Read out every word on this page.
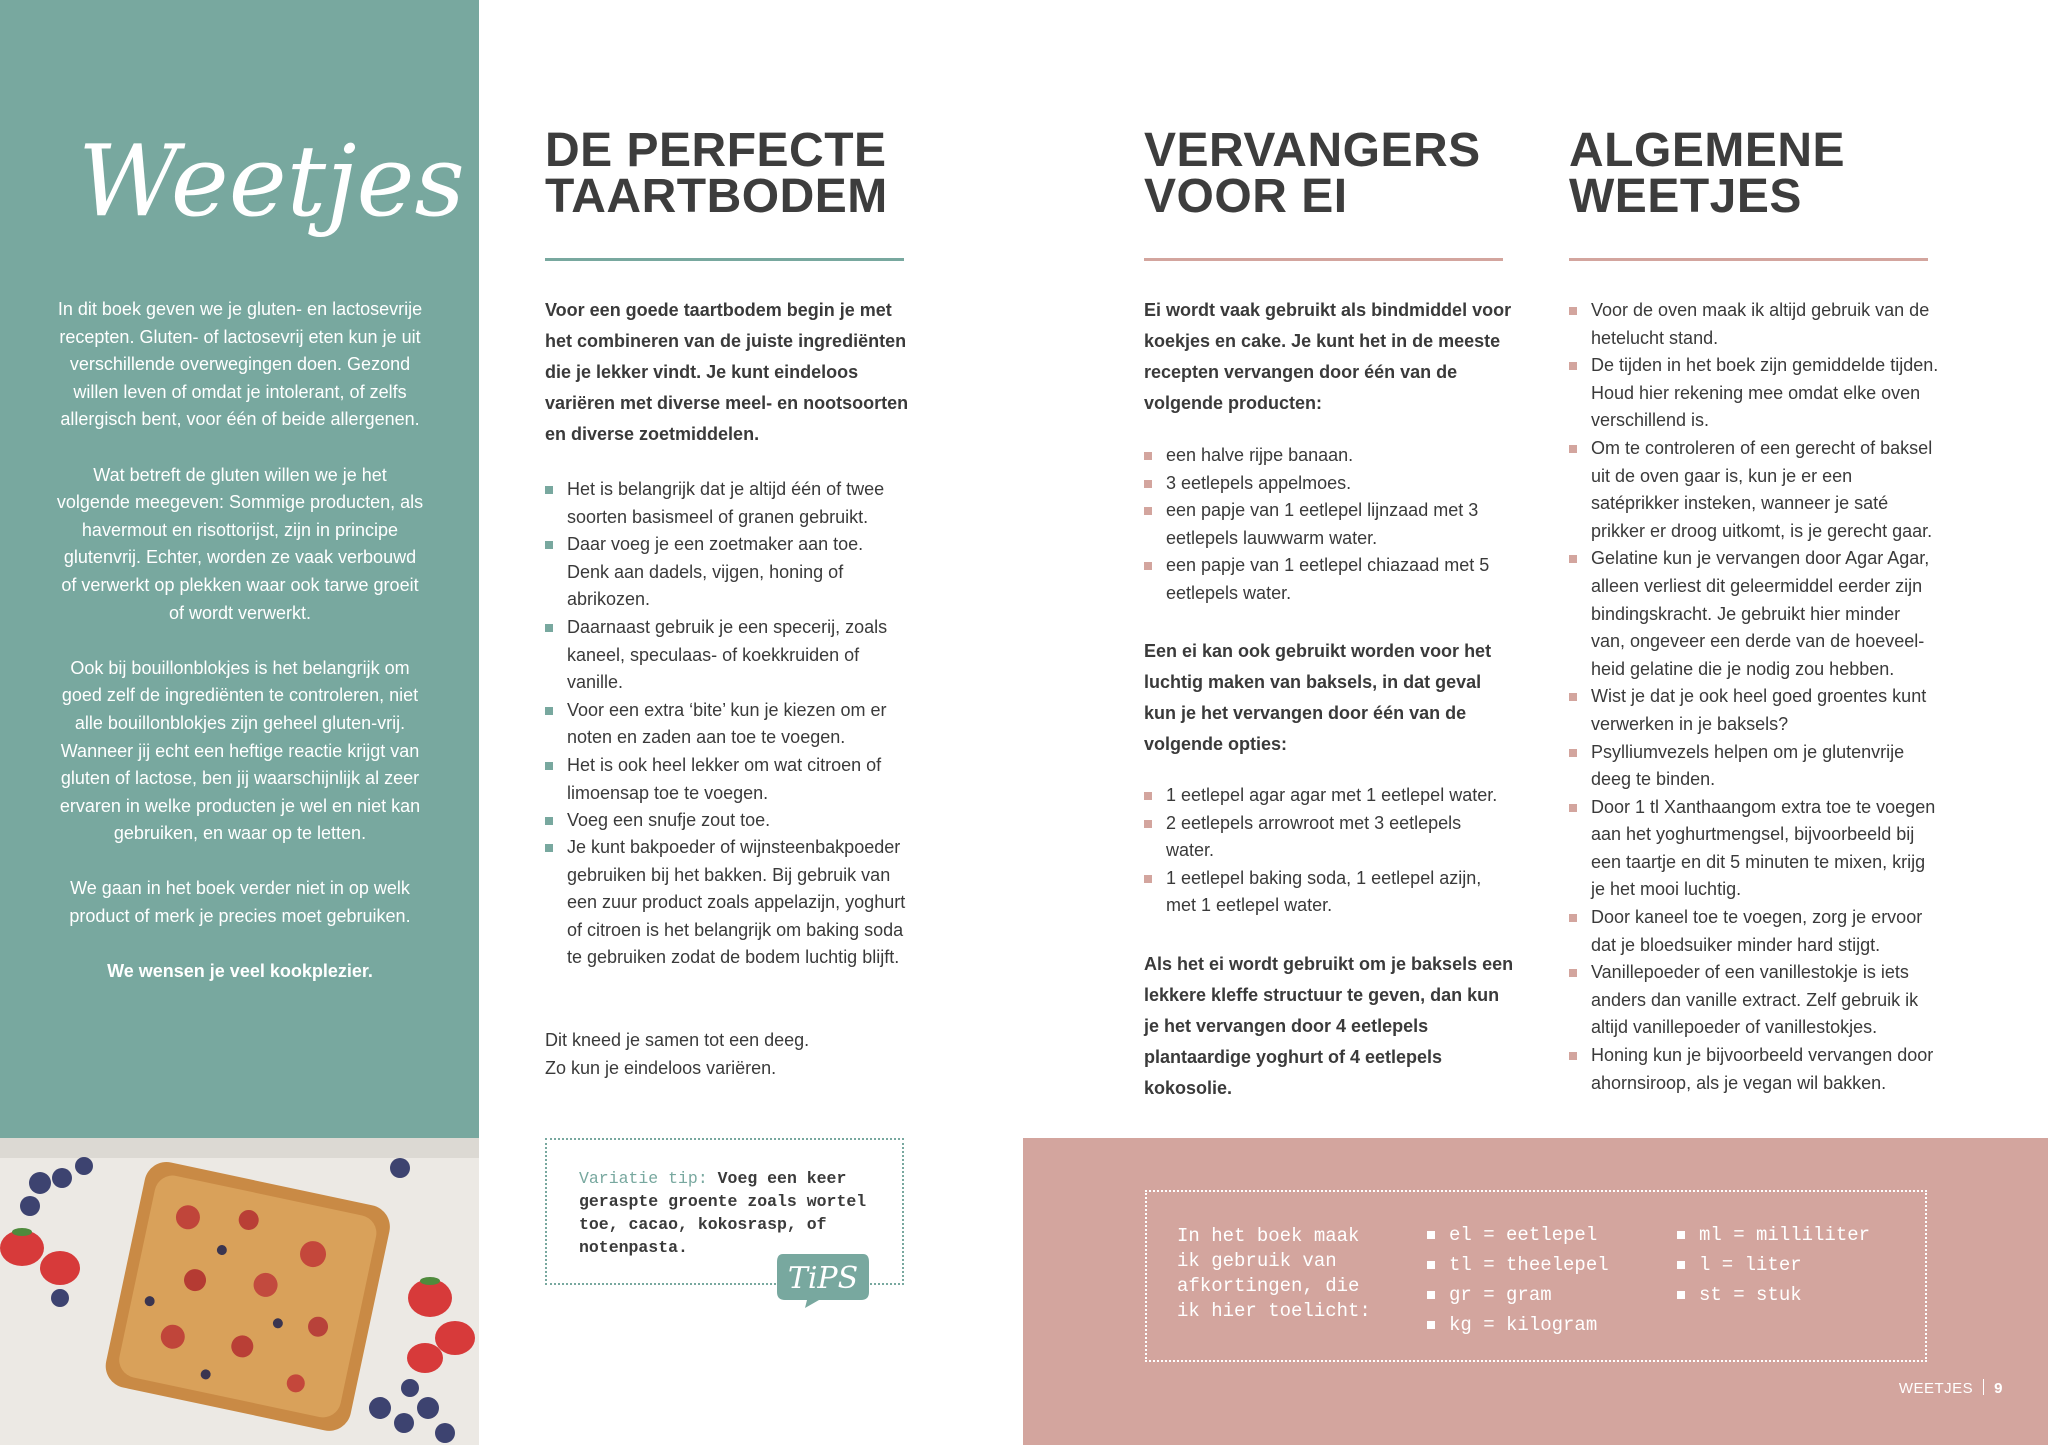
Weetjes

In dit boek geven we je gluten- en lactosevrije recepten. Gluten- of lactosevrij eten kun je uit verschillende overwegingen doen. Gezond willen leven of omdat je intolerant, of zelfs allergisch bent, voor één of beide allergenen.

Wat betreft de gluten willen we je het volgende meegeven: Sommige producten, als havermout en risottorijst, zijn in principe glutenvrij. Echter, worden ze vaak verbouwd of verwerkt op plekken waar ook tarwe groeit of wordt verwerkt.

Ook bij bouillonblokjes is het belangrijk om goed zelf de ingrediënten te controleren, niet alle bouillonblokjes zijn geheel gluten-vrij. Wanneer jij echt een heftige reactie krijgt van gluten of lactose, ben jij waarschijnlijk al zeer ervaren in welke producten je wel en niet kan gebruiken, en waar op te letten.

We gaan in het boek verder niet in op welk product of merk je precies moet gebruiken.

We wensen je veel kookplezier.

DE PERFECTE
TAARTBODEM
Voor een goede taartbodem begin je met het combineren van de juiste ingrediënten die je lekker vindt. Je kunt eindeloos variëren met diverse meel- en nootsoorten en diverse zoetmiddelen.
Het is belangrijk dat je altijd één of twee soorten basismeel of granen gebruikt.
Daar voeg je een zoetmaker aan toe. Denk aan dadels, vijgen, honing of abrikozen.
Daarnaast gebruik je een specerij, zoals kaneel, speculaas- of koekkruiden of vanille.
Voor een extra ‘bite’ kun je kiezen om er noten en zaden aan toe te voegen.
Het is ook heel lekker om wat citroen of limoensap toe te voegen.
Voeg een snufje zout toe.
Je kunt bakpoeder of wijnsteenbakpoeder gebruiken bij het bakken. Bij gebruik van een zuur product zoals appelazijn, yoghurt of citroen is het belangrijk om baking soda te gebruiken zodat de bodem luchtig blijft.
Dit kneed je samen tot een deeg.
Zo kun je eindeloos variëren.
Variatie tip: Voeg een keer geraspte groente zoals wortel toe, cacao, kokosrasp, of notenpasta.
TiPS
VERVANGERS
VOOR EI
Ei wordt vaak gebruikt als bindmiddel voor koekjes en cake. Je kunt het in de meeste recepten vervangen door één van de volgende producten:
een halve rijpe banaan.
3 eetlepels appelmoes.
een papje van 1 eetlepel lijnzaad met 3 eetlepels lauwwarm water.
een papje van 1 eetlepel chiazaad met 5 eetlepels water.
Een ei kan ook gebruikt worden voor het luchtig maken van baksels, in dat geval kun je het vervangen door één van de volgende opties:
1 eetlepel agar agar met 1 eetlepel water.
2 eetlepels arrowroot met 3 eetlepels water.
1 eetlepel baking soda, 1 eetlepel azijn, met 1 eetlepel water.
Als het ei wordt gebruikt om je baksels een lekkere kleffe structuur te geven, dan kun je het vervangen door 4 eetlepels plantaardige yoghurt of 4 eetlepels kokosolie.
ALGEMENE
WEETJES
Voor de oven maak ik altijd gebruik van de hetelucht stand.
De tijden in het boek zijn gemiddelde tijden. Houd hier rekening mee omdat elke oven verschillend is.
Om te controleren of een gerecht of baksel uit de oven gaar is, kun je er een satéprikker insteken, wanneer je saté prikker er droog uitkomt, is je gerecht gaar.
Gelatine kun je vervangen door Agar Agar, alleen verliest dit geleermiddel eerder zijn bindingskracht. Je gebruikt hier minder van, ongeveer een derde van de hoeveel-heid gelatine die je nodig zou hebben.
Wist je dat je ook heel goed groentes kunt verwerken in je baksels?
Psylliumvezels helpen om je glutenvrije deeg te binden.
Door 1 tl Xanthaangom extra toe te voegen aan het yoghurtmengsel, bijvoorbeeld bij een taartje en dit 5 minuten te mixen, krijg je het mooi luchtig.
Door kaneel toe te voegen, zorg je ervoor dat je bloedsuiker minder hard stijgt.
Vanillepoeder of een vanillestokje is iets anders dan vanille extract. Zelf gebruik ik altijd vanillepoeder of vanillestokjes.
Honing kun je bijvoorbeeld vervangen door ahornsiroop, als je vegan wil bakken.
In het boek maak ik gebruik van afkortingen, die ik hier toelicht:
el = eetlepel
tl = theelepel
gr = gram
kg = kilogram
ml = milliliter
l = liter
st = stuk
WEETJES 9
